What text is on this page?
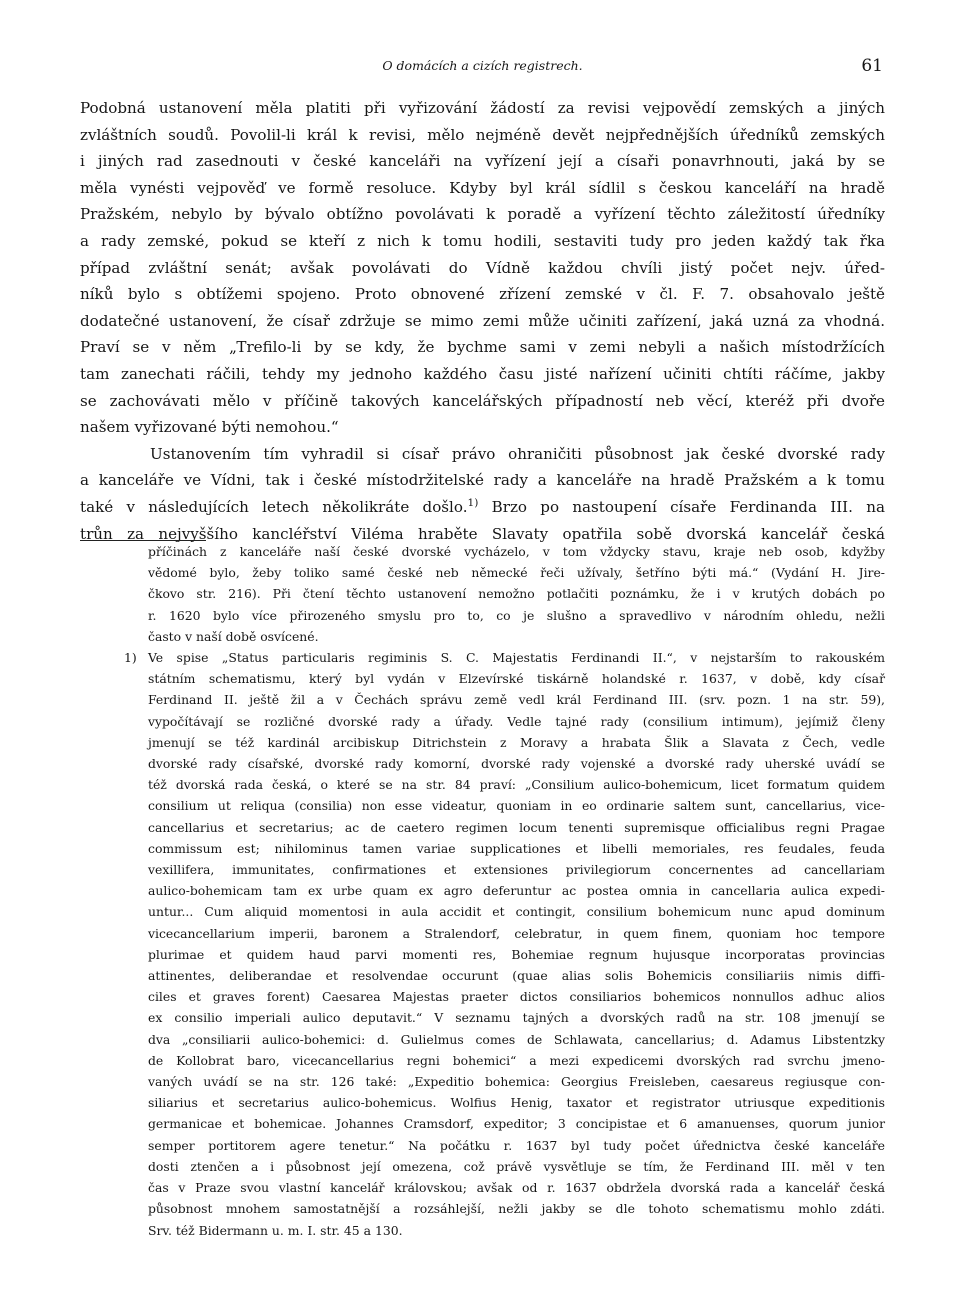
O domácích a cizích registrech.	61
Podobná ustanovení měla platiti při vyřizování žádostí za revisi vejpovědí zemských a jiných
zvláštních soudů. Povolil-li král k revisi, mělo nejméně devět nejpřednějších úředníků zemských
i jiných rad zasednouti v české kanceláři na vyřízení její a císaři ponavrhnouti, jaká by se
měla vynésti vejpověď ve formě resoluce. Kdyby byl král sídlil s českou kanceláří na hradě
Pražském, nebylo by bývalo obtížno povolávati k poradě a vyřízení těchto záležitostí úředníky
a rady zemské, pokud se kteří z nich k tomu hodili, sestaviti tudy pro jeden každý tak řka
případ zvláštní senát; avšak povolávati do Vídně každou chvíli jistý počet nejv. úřed-
níků bylo s obtížemi spojeno. Proto obnovené zřízení zemské v čl. F. 7. obsahovalo ještě
dodatečné ustanovení, že císař zdržuje se mimo zemi může učiniti zařízení, jaká uzná za vhodná.
Praví se v něm „Trefilo-li by se kdy, že bychme sami v zemi nebyli a našich místodržících
tam zanechati ráčili, tehdy my jednoho každého času jisté nařízení učiniti chtíti ráčíme, jakby
se zachovávati mělo v příčině takových kancelářských případností neb věcí, kteréž při dvoře
našem vyřizované býti nemohou.“
Ustanovením tím vyhradil si císař právo ohraničiti působnost jak české dvorské rady
a kanceláře ve Vídni, tak i české místodržitelské rady a kanceláře na hradě Pražském a k tomu
také v následujících letech několikráte došlo.$^{1)}$ Brzo po nastoupení císaře Ferdinanda III. na
trůn za nejvyššího kancléřství Viléma hraběte Slavaty opatřila sobě dvorská kancelář česká
příčinách z kanceláře naší české dvorské vycházelo, v tom vždycky stavu, kraje neb osob, kdyžby
vědomé bylo, žeby toliko samé české neb německé řeči užívaly, šetříno býti má.“ (Vydání H. Jire-
čkovo str. 216). Při čtení těchto ustanovení nemožno potlačiti poznámku, že i v krutých dobách po
r. 1620 bylo více přirozeného smyslu pro to, co je slušno a spravedlivo v národním ohledu, nežli
často v naší době osvícené.
1) Ve spise „Status particularis regiminis S. C. Majestatis Ferdinandi II.“, v nejstarším to rakouském
státním schematismu, který byl vydán v Elzevírské tiskárně holandské r. 1637, v době, kdy císař
Ferdinand II. ještě žil a v Čechách správu země vedl král Ferdinand III. (srv. pozn. 1 na str. 59),
vypočítávají se rozličné dvorské rady a úřady. Vedle tajné rady (consilium intimum), jejímiž členy
jmenují se též kardinál arcibiskup Ditrichstein z Moravy a hrabata Šlik a Slavata z Čech, vedle
dvorské rady císařské, dvorské rady komorní, dvorské rady vojenské a dvorské rady uherské uvádí se
též dvorská rada česká, o které se na str. 84 praví: „Consilium aulico-bohemicum, licet formatum quidem
consilium ut reliqua (consilia) non esse videatur, quoniam in eo ordinarie saltem sunt, cancellarius, vice-
cancellarius et secretarius; ac de caetero regimen locum tenenti supremisque officialibus regni Pragae
commissum est; nihilominus tamen variae supplicationes et libelli memoriales, res feudales, feuda
vexillifera, immunitates, confirmationes et extensiones privilegiorum concernentes ad cancellariam
aulico-bohemicam tam ex urbe quam ex agro deferuntur ac postea omnia in cancellaria aulica expedi-
untur... Cum aliquid momentosi in aula accidit et contingit, consilium bohemicum nunc apud dominum
vicecancellarium imperii, baronem a Stralendorf, celebratur, in quem finem, quoniam hoc tempore
plurimae et quidem haud parvi momenti res, Bohemiae regnum hujusque incorporatas provincias
attinentes, deliberandae et resolvendae occurunt (quae alias solis Bohemicis consiliariis nimis diffi-
ciles et graves forent) Caesarea Majestas praeter dictos consiliarios bohemicos nonnullos adhuc alios
ex consilio imperiali aulico deputavit.“ V seznamu tajných a dvorských radů na str. 108 jmenují se
dva „consiliarii aulico-bohemici: d. Gulielmus comes de Schlawata, cancellarius; d. Adamus Libstentzky
de Kollobrat baro, vicecancellarius regni bohemici“ a mezi expedicemi dvorských rad svrchu jmeno-
vaných uvádí se na str. 126 také: „Expeditio bohemica: Georgius Freisleben, caesareus regiusque con-
siliarius et secretarius aulico-bohemicus. Wolfius Henig, taxator et registrator utriusque expeditionis
germanicae et bohemicae. Johannes Cramsdorf, expeditor; 3 concipistae et 6 amanuenses, quorum junior
semper portitorem agere tenetur.“ Na počátku r. 1637 byl tudy počet úřednictva české kanceláře
dosti ztenčen a i působnost její omezena, což právě vysvětluje se tím, že Ferdinand III. měl v ten
čas v Praze svou vlastní kancelář královskou; avšak od r. 1637 obdržela dvorská rada a kancelář česká
působnost mnohem samostatnější a rozsáhlejší, nežli jakby se dle tohoto schematismu mohlo zdáti.
Srv. též Bidermann u. m. I. str. 45 a 130.
